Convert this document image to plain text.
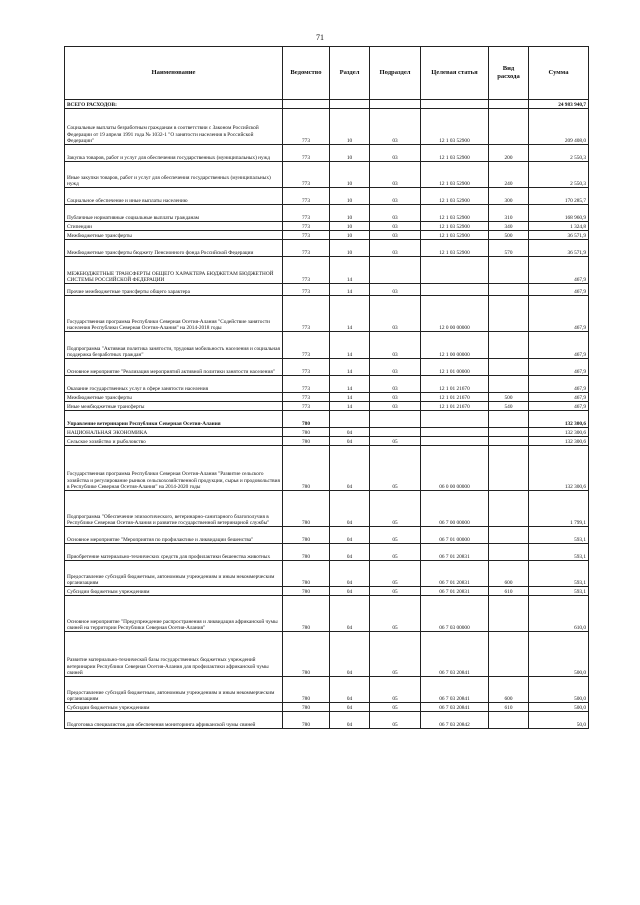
71
Наименование	Ведомство	Раздел	Подраздел	Целевая статья	Вид расхода	Сумма
ВСЕГО РАСХОДОВ:						24 983 940,7
Социальные выплаты безработным гражданам в соответствии с Законом Российской Федерации от 19 апреля 1991 года № 1032-1 "О занятости населения в Российской Федерации"	773	10	03	12 1 03 52900		209 408,0
Закупка товаров, работ и услуг для обеспечения государственных (муниципальных) нужд	773	10	03	12 1 03 52900	200	2 550,3
Иные закупки товаров, работ и услуг для обеспечения государственных (муниципальных) нужд	773	10	03	12 1 03 52900	240	2 550,3
Социальное обеспечение и иные выплаты населению	773	10	03	12 1 03 52900	300	170 285,7
Публичные нормативные социальные выплаты гражданам	773	10	03	12 1 03 52900	310	168 960,9
Стипендии	773	10	03	12 1 03 52900	340	1 324,8
Межбюджетные трансферты	773	10	03	12 1 03 52900	500	36 571,9
Межбюджетные трансферты бюджету Пенсионного фонда Российской Федерации	773	10	03	12 1 03 52900	570	36 571,9
МЕЖБЮДЖЕТНЫЕ ТРАНСФЕРТЫ ОБЩЕГО ХАРАКТЕРА БЮДЖЕТАМ БЮДЖЕТНОЙ СИСТЕМЫ РОССИЙСКОЙ ФЕДЕРАЦИИ	773	14				467,9
Прочие межбюджетные трансферты общего характера	773	14	03			467,9
Государственная программа Республики Северная Осетия-Алания "Содействие занятости населения Республики Северная Осетия-Алания" на 2014-2018 годы	773	14	03	12 0 00 00000		467,9
Подпрограмма "Активная политика занятости, трудовая мобильность населения и социальная поддержка безработных граждан"	773	14	03	12 1 00 00000		467,9
Основное мероприятие "Реализация мероприятий активной политики занятости населения"	773	14	03	12 1 01 00000		467,9
Оказание государственных услуг в сфере занятости населения	773	14	03	12 1 01 21670		467,9
Межбюджетные трансферты	773	14	03	12 1 01 21670	500	467,9
Иные межбюджетные трансферты	773	14	03	12 1 01 21670	540	467,9
Управление ветеринарии Республики Северная Осетия-Алания	780					132 300,6
НАЦИОНАЛЬНАЯ ЭКОНОМИКА	780	04				132 300,6
Сельское хозяйство и рыболовство	780	04	05			132 300,6
Государственная программа Республики Северная Осетия-Алания "Развитие сельского хозяйства и регулирование рынков сельскохозяйственной продукции, сырья и продовольствия в Республике Северная Осетия-Алания" на 2014-2020 годы	780	04	05	06 0 00 00000		132 300,6
Подпрограмма "Обеспечение эпизоотического, ветеринарно-санитарного благополучия в Республике Северная Осетия-Алания и развитие государственной ветеринарной службы"	780	04	05	06 7 00 00000		1 799,1
Основное мероприятие "Мероприятия по профилактике и ликвидации бешенства"	780	04	05	06 7 01 00000		593,1
Приобретение материально-технических средств для профилактики бешенства животных	780	04	05	06 7 01 20831		593,1
Предоставление субсидий бюджетным, автономным учреждениям и иным некоммерческим организациям	780	04	05	06 7 01 20831	600	593,1
Субсидии бюджетным учреждениям	780	04	05	06 7 01 20831	610	593,1
Основное мероприятие "Предупреждение распространения и ликвидация африканской чумы свиней на территории Республики Северная Осетия-Алания"	780	04	05	06 7 03 00000		610,0
Развитие материально-технической базы государственных бюджетных учреждений ветеринарии Республики Северная Осетия-Алания для профилактики африканской чумы свиней	780	04	05	06 7 03 20841		500,0
Предоставление субсидий бюджетным, автономным учреждениям и иным некоммерческим организациям	780	04	05	06 7 03 20841	600	500,0
Субсидии бюджетным учреждениям	780	04	05	06 7 03 20841	610	500,0
Подготовка специалистов для обеспечения мониторинга африканской чумы свиней	780	04	05	06 7 03 20842		50,0
